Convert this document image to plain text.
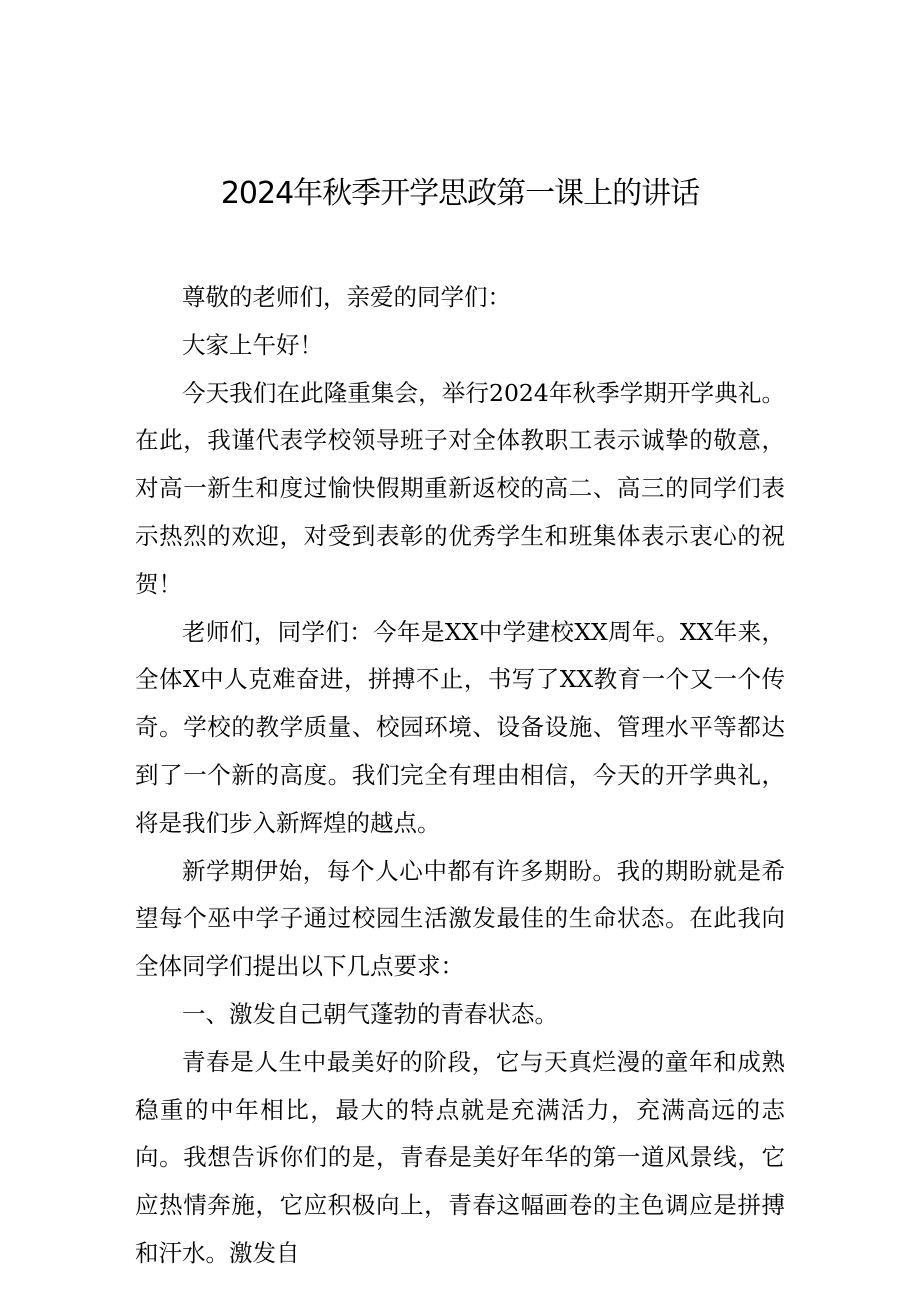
2024年秋季开学思政第一课上的讲话

尊敬的老师们，亲爱的同学们：

大家上午好！

今天我们在此隆重集会，举行2024年秋季学期开学典礼。在此，我谨代表学校领导班子对全体教职工表示诚挚的敬意，对高一新生和度过愉快假期重新返校的高二、高三的同学们表示热烈的欢迎，对受到表彰的优秀学生和班集体表示衷心的祝贺！

老师们，同学们：今年是XX中学建校XX周年。XX年来，全体X中人克难奋进，拼搏不止，书写了XX教育一个又一个传奇。学校的教学质量、校园环境、设备设施、管理水平等都达到了一个新的高度。我们完全有理由相信，今天的开学典礼，将是我们步入新辉煌的越点。

新学期伊始，每个人心中都有许多期盼。我的期盼就是希望每个巫中学子通过校园生活激发最佳的生命状态。在此我向全体同学们提出以下几点要求：

一、激发自己朝气蓬勃的青春状态。

青春是人生中最美好的阶段，它与天真烂漫的童年和成熟稳重的中年相比，最大的特点就是充满活力，充满高远的志向。我想告诉你们的是，青春是美好年华的第一道风景线，它应热情奔施，它应积极向上，青春这幅画卷的主色调应是拼搏和汗水。激发自
